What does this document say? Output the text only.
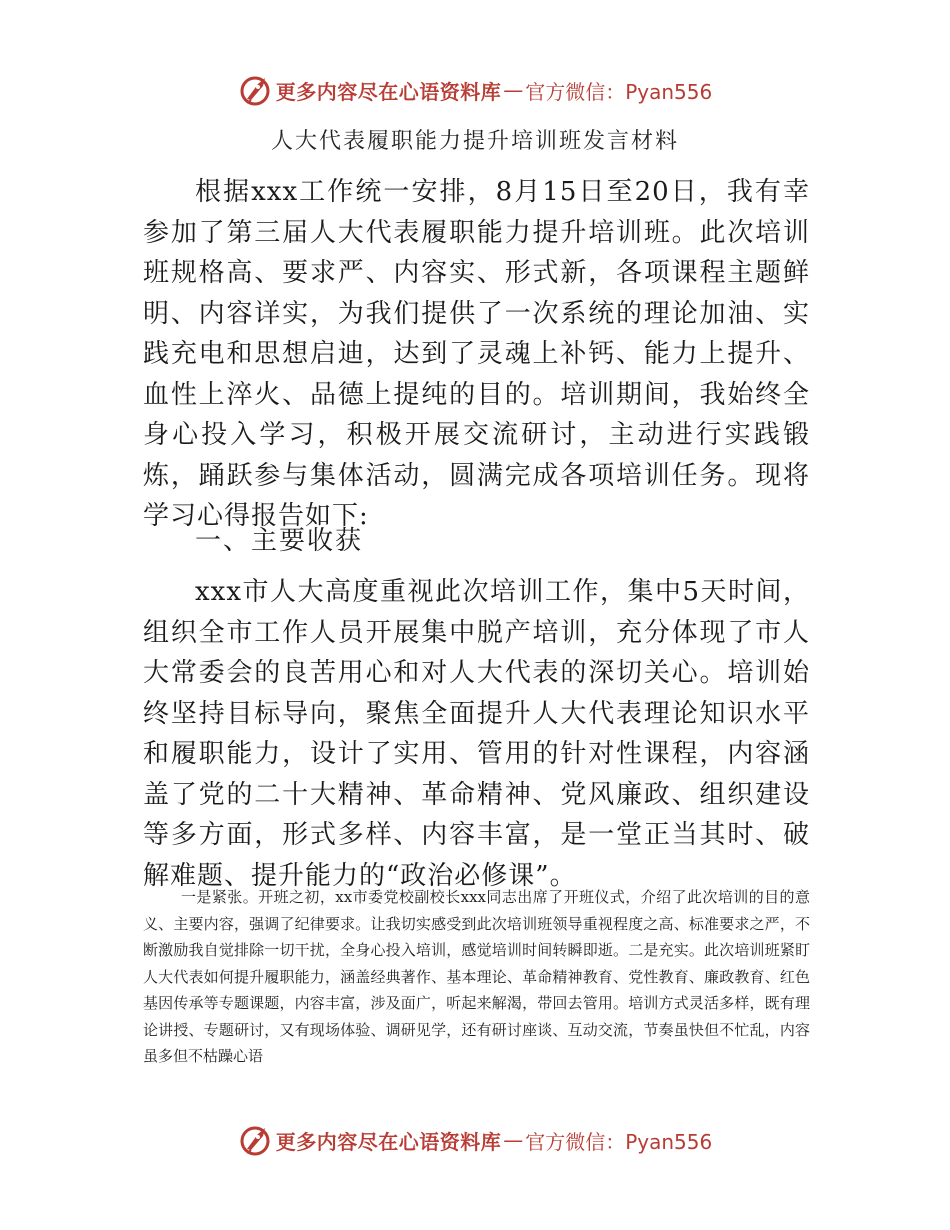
更多内容尽在心语资料库 — 官方微信：Pyan556
人大代表履职能力提升培训班发言材料

根据xxx工作统一安排，8月15日至20日，我有幸参加了第三届人大代表履职能力提升培训班。此次培训班规格高、要求严、内容实、形式新，各项课程主题鲜明、内容详实，为我们提供了一次系统的理论加油、实践充电和思想启迪，达到了灵魂上补钙、能力上提升、血性上淬火、品德上提纯的目的。培训期间，我始终全身心投入学习，积极开展交流研讨，主动进行实践锻炼，踊跃参与集体活动，圆满完成各项培训任务。现将学习心得报告如下:

一、主要收获

xxx市人大高度重视此次培训工作，集中5天时间，组织全市工作人员开展集中脱产培训，充分体现了市人大常委会的良苦用心和对人大代表的深切关心。培训始终坚持目标导向，聚焦全面提升人大代表理论知识水平和履职能力，设计了实用、管用的针对性课程，内容涵盖了党的二十大精神、革命精神、党风廉政、组织建设等多方面，形式多样、内容丰富，是一堂正当其时、破解难题、提升能力的“政治必修课”。

一是紧张。开班之初，xx市委党校副校长xxx同志出席了开班仪式，介绍了此次培训的目的意义、主要内容，强调了纪律要求。让我切实感受到此次培训班领导重视程度之高、标准要求之严，不断激励我自觉排除一切干扰，全身心投入培训，感觉培训时间转瞬即逝。二是充实。此次培训班紧盯人大代表如何提升履职能力，涵盖经典著作、基本理论、革命精神教育、党性教育、廉政教育、红色基因传承等专题课题，内容丰富，涉及面广，听起来解渴，带回去管用。培训方式灵活多样，既有理论讲授、专题研讨，又有现场体验、调研见学，还有研讨座谈、互动交流，节奏虽快但不忙乱，内容虽多但不枯躁心语

更多内容尽在心语资料库 — 官方微信：Pyan556
